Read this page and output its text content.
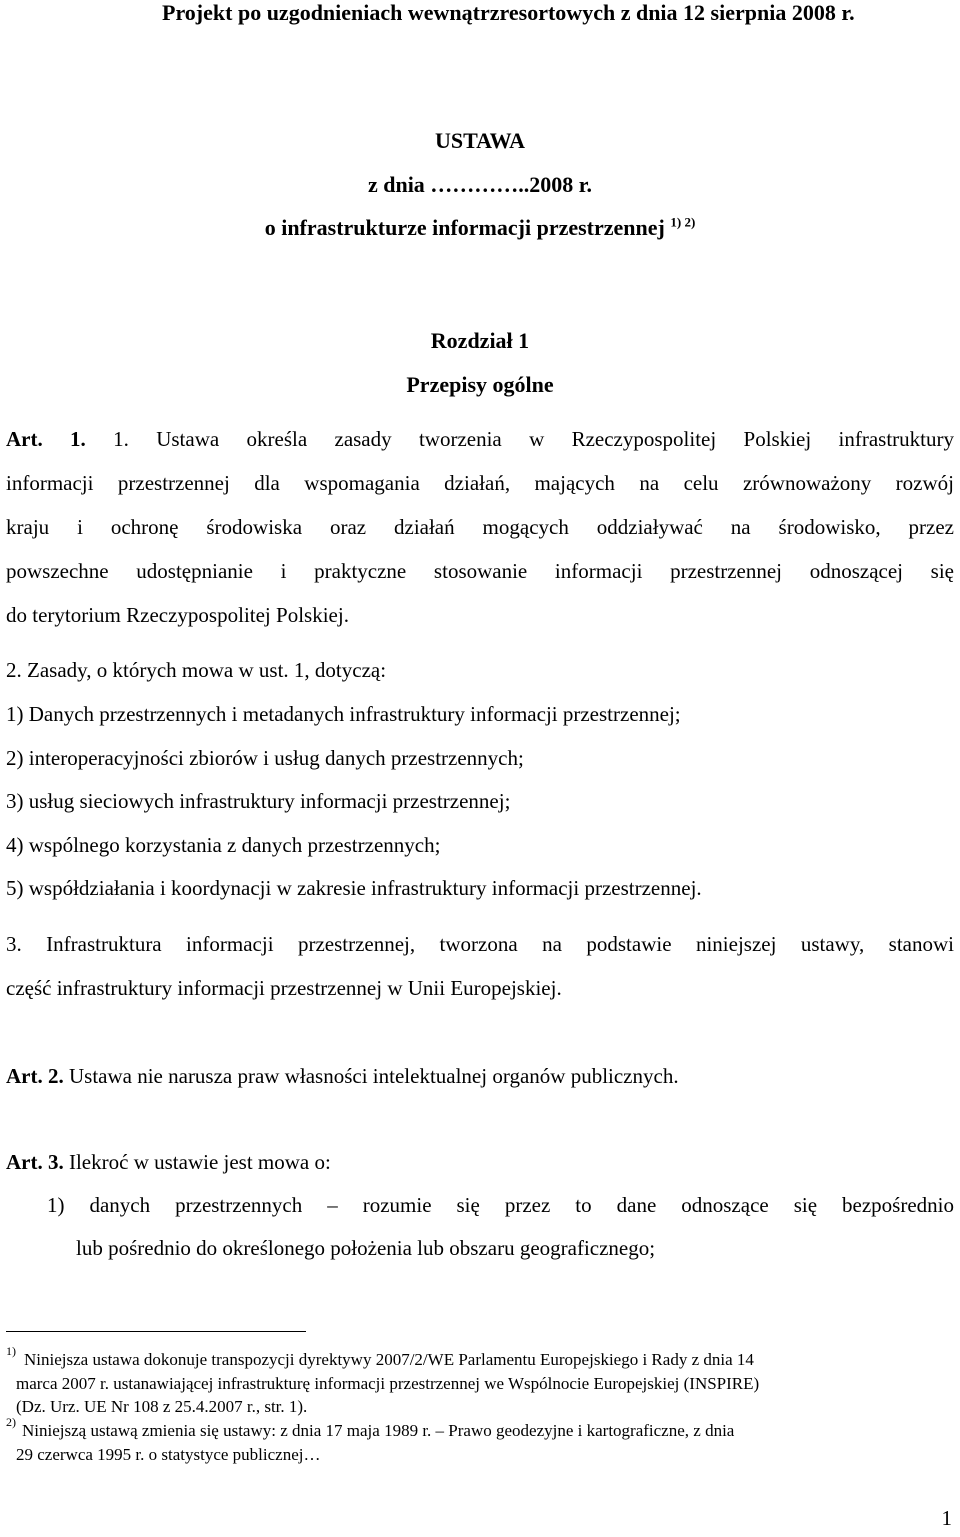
Projekt po uzgodnieniach wewnątrzresortowych z dnia 12 sierpnia 2008 r.
USTAWA
z dnia …………..2008 r.
o infrastrukturze informacji przestrzennej $^{1) 2)}$
Rozdział 1
Przepisy ogólne
Art. 1. 1. Ustawa określa zasady tworzenia w Rzeczypospolitej Polskiej infrastruktury
informacji przestrzennej dla wspomagania działań, mających na celu zrównoważony rozwój
kraju i ochronę środowiska oraz działań mogących oddziaływać na środowisko, przez
powszechne udostępnianie i praktyczne stosowanie informacji przestrzennej odnoszącej się
do terytorium Rzeczypospolitej Polskiej.
2. Zasady, o których mowa w ust. 1, dotyczą:
1) Danych przestrzennych i metadanych infrastruktury informacji przestrzennej;
2) interoperacyjności zbiorów i usług danych przestrzennych;
3) usług sieciowych infrastruktury informacji przestrzennej;
4) wspólnego korzystania z danych przestrzennych;
5) współdziałania i koordynacji w zakresie infrastruktury informacji przestrzennej.
3. Infrastruktura informacji przestrzennej, tworzona na podstawie niniejszej ustawy, stanowi
część infrastruktury informacji przestrzennej w Unii Europejskiej.
Art. 2. Ustawa nie narusza praw własności intelektualnej organów publicznych.
Art. 3. Ilekroć w ustawie jest mowa o:
1) danych przestrzennych – rozumie się przez to dane odnoszące się bezpośrednio
lub pośrednio do określonego położenia lub obszaru geograficznego;
1) Niniejsza ustawa dokonuje transpozycji dyrektywy 2007/2/WE Parlamentu Europejskiego i Rady z dnia 14
marca 2007 r. ustanawiającej infrastrukturę informacji przestrzennej we Wspólnocie Europejskiej (INSPIRE)
(Dz. Urz. UE Nr 108 z 25.4.2007 r., str. 1).
2) Niniejszą ustawą zmienia się ustawy: z dnia 17 maja 1989 r. – Prawo geodezyjne i kartograficzne, z dnia
29 czerwca 1995 r. o statystyce publicznej…
1
